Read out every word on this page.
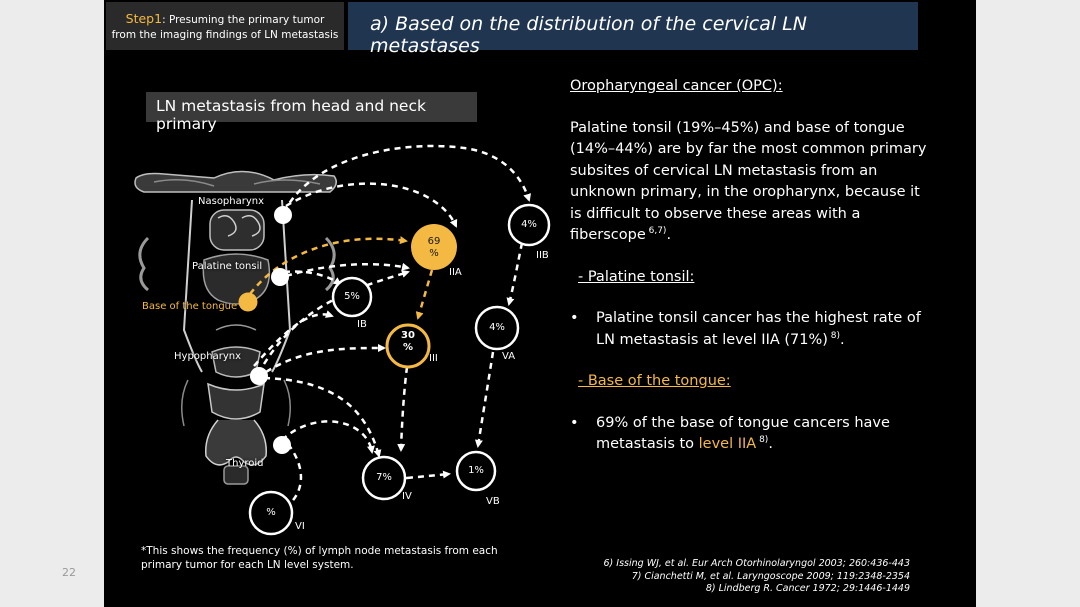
22
Step1: Presuming the primary tumor
from the imaging findings of LN metastasis	a) Based on the distribution of the cervical LN metastases
LN metastasis from head and neck primary
Nasopharynx
Palatine tonsil
Base of the tongue
Hypopharynx
Thyroid
69
%
4%
5%
30
%
4%
7%
1%
%
IIA
IIB
IB
III	VA
IV	VB
VI
*This shows the frequency (%) of lymph node metastasis from each primary tumor for each LN level system.
Oropharyngeal cancer (OPC):
Palatine tonsil (19%–45%) and base of tongue (14%–44%) are by far the most common primary subsites of cervical LN metastasis from an unknown primary, in the oropharynx, because it is difficult to observe these areas with a fiberscope $^{6,7)}$.
- Palatine tonsil:
•	Palatine tonsil cancer has the highest rate of LN metastasis at level IIA (71%) $^{8)}$.
- Base of the tongue:
•	69% of the base of tongue cancers have metastasis to level IIA $^{8)}$.
6) Issing WJ, et al. Eur Arch Otorhinolaryngol 2003; 260:436-443
7) Cianchetti M, et al. Laryngoscope 2009; 119:2348-2354
8) Lindberg R. Cancer 1972; 29:1446-1449
